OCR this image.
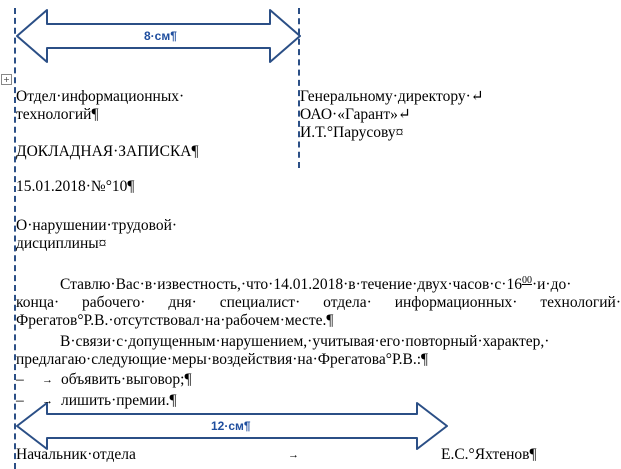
+
8·см¶
12·см¶
Отдел·информационных·
технологий¶
Генеральному·директору·↵
ОАО·«Гарант»↵
И.Т.°Парусову¤
ДОКЛАДНАЯ·ЗАПИСКА¶
15.01.2018·№°10¶
О·нарушении·трудовой·
дисциплины¤
$Ставлю\cdot Вас\cdot в\cdot известность,\cdot что\cdot 14.01.2018\cdot в\cdot течение\cdot двух\cdot часов\cdot с\cdot 16^{00}\cdot и\cdot до\cdot$
конца· рабочего· дня· специалист· отдела· информационных· технологий·
Фрегатов°Р.В.·отсутствовал·на·рабочем·месте.¶
В·связи·с·допущенным·нарушением,·учитывая·его·повторный·характер,·
предлагаю·следующие·меры·воздействия·на·Фрегатова°Р.В.:¶
– → объявить·выговор;¶
– → лишить·премии.¶
Начальник·отдела	→	Е.С.°Яхтенов¶
